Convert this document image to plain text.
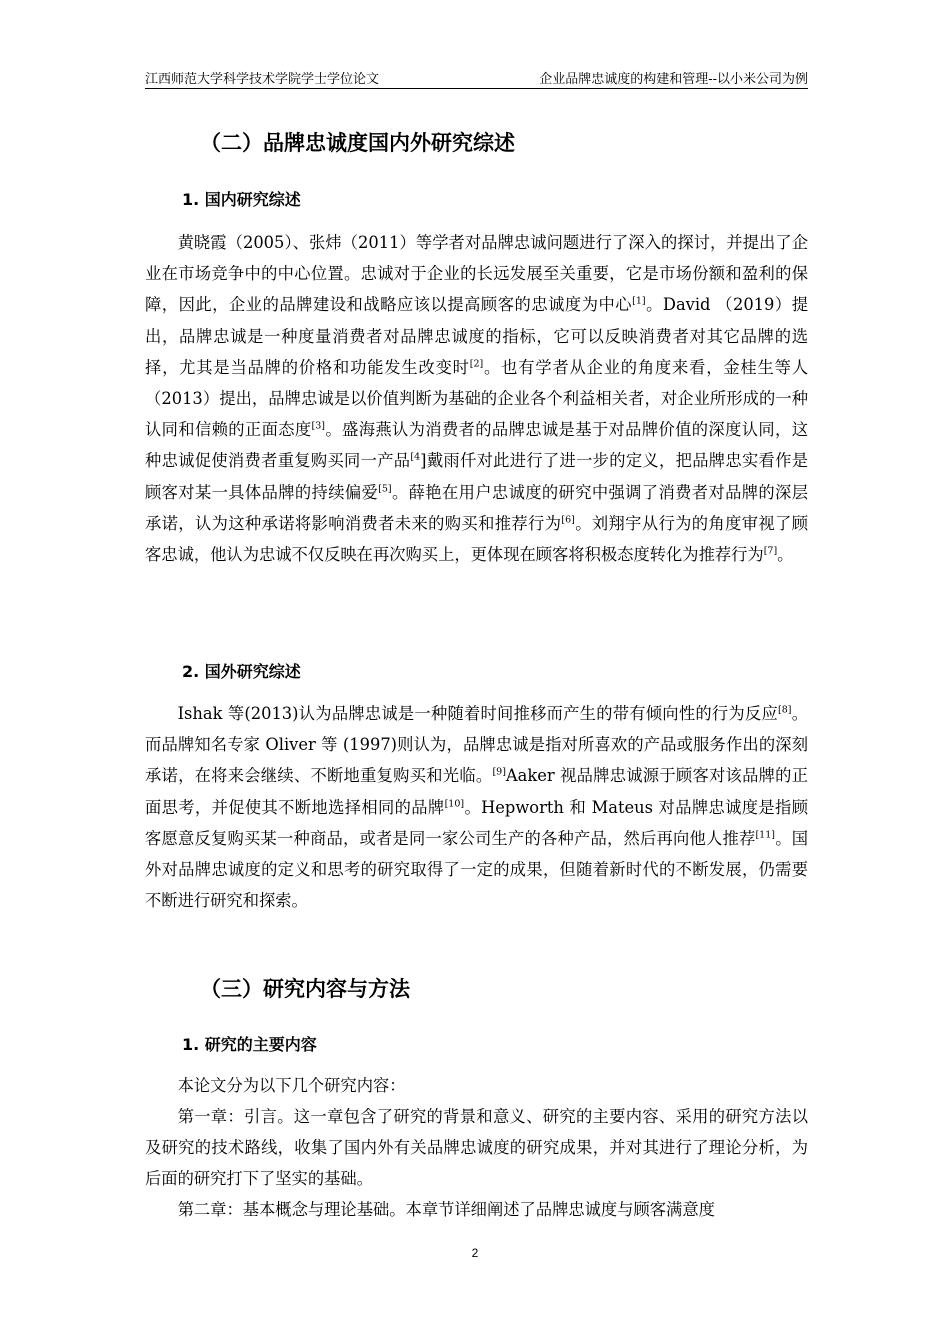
江西师范大学科学技术学院学士学位论文	企业品牌忠诚度的构建和管理--以小米公司为例
（二）品牌忠诚度国内外研究综述
1. 国内研究综述

黄晓霞（2005）、张炜（2011）等学者对品牌忠诚问题进行了深入的探讨，并提出了企业在市场竞争中的中心位置。忠诚对于企业的长远发展至关重要，它是市场份额和盈利的保障，因此，企业的品牌建设和战略应该以提高顾客的忠诚度为中心[1]。David （2019）提出，品牌忠诚是一种度量消费者对品牌忠诚度的指标，它可以反映消费者对其它品牌的选择，尤其是当品牌的价格和功能发生改变时[2]。也有学者从企业的角度来看，金桂生等人（2013）提出，品牌忠诚是以价值判断为基础的企业各个利益相关者，对企业所形成的一种认同和信赖的正面态度[3]。盛海燕认为消费者的品牌忠诚是基于对品牌价值的深度认同，这种忠诚促使消费者重复购买同一产品$^{[4}$]戴雨仟对此进行了进一步的定义，把品牌忠实看作是顾客对某一具体品牌的持续偏爱[5]。薛艳在用户忠诚度的研究中强调了消费者对品牌的深层承诺，认为这种承诺将影响消费者未来的购买和推荐行为[6]。刘翔宇从行为的角度审视了顾客忠诚，他认为忠诚不仅反映在再次购买上，更体现在顾客将积极态度转化为推荐行为[7]。

2. 国外研究综述

Ishak 等(2013)认为品牌忠诚是一种随着时间推移而产生的带有倾向性的行为反应[8]。而品牌知名专家 Oliver 等 (1997)则认为，品牌忠诚是指对所喜欢的产品或服务作出的深刻承诺，在将来会继续、不断地重复购买和光临。[9]Aaker 视品牌忠诚源于顾客对该品牌的正面思考，并促使其不断地选择相同的品牌[10]。Hepworth 和 Mateus 对品牌忠诚度是指顾客愿意反复购买某一种商品，或者是同一家公司生产的各种产品，然后再向他人推荐[11]。国外对品牌忠诚度的定义和思考的研究取得了一定的成果，但随着新时代的不断发展，仍需要不断进行研究和探索。

（三）研究内容与方法
1. 研究的主要内容

本论文分为以下几个研究内容：

第一章：引言。这一章包含了研究的背景和意义、研究的主要内容、采用的研究方法以及研究的技术路线，收集了国内外有关品牌忠诚度的研究成果，并对其进行了理论分析，为后面的研究打下了坚实的基础。

第二章：基本概念与理论基础。本章节详细阐述了品牌忠诚度与顾客满意度

2
